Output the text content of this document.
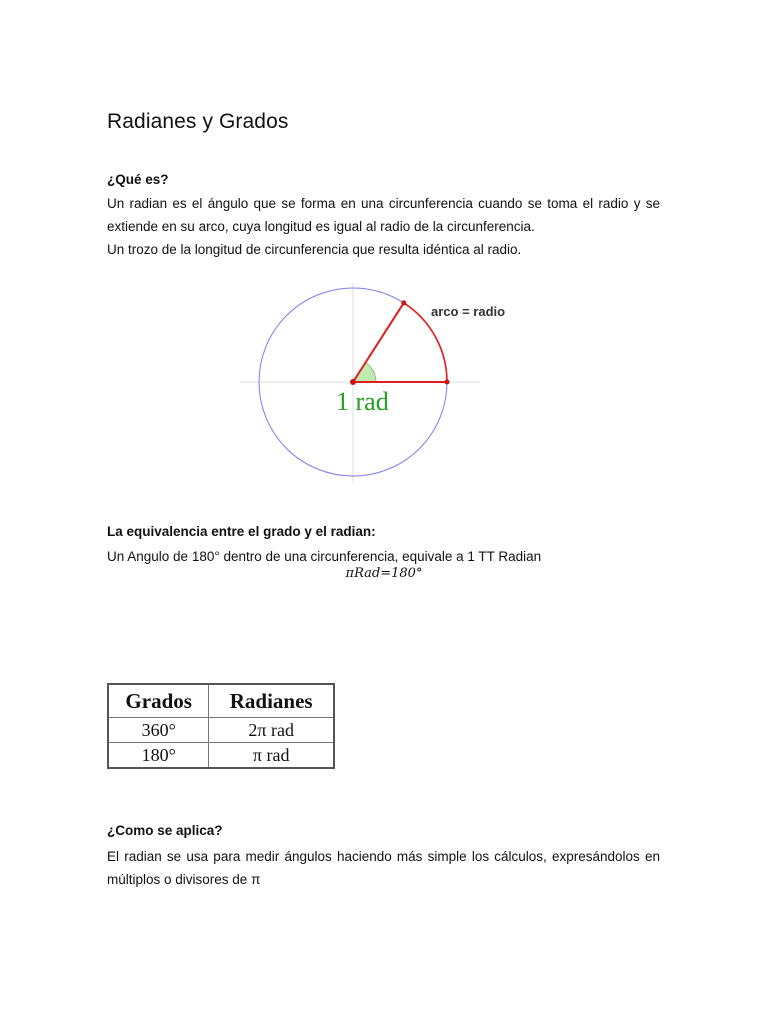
Radianes y Grados
¿Qué es?

Un radian es el ángulo que se forma en una circunferencia cuando se toma el radio y se
extiende en su arco, cuya longitud es igual al radio de la circunferencia.
Un trozo de la longitud de circunferencia que resulta idéntica al radio.

arco = radio
1 rad
La equivalencia entre el grado y el radian:

Un Angulo de 180° dentro de una circunferencia, equivale a 1 TT Radian

πRad=180°

Grados	Radianes
360°	2π rad
180°	π rad
¿Como se aplica?

El radian se usa para medir ángulos haciendo más simple los cálculos, expresándolos en
múltiplos o divisores de π
